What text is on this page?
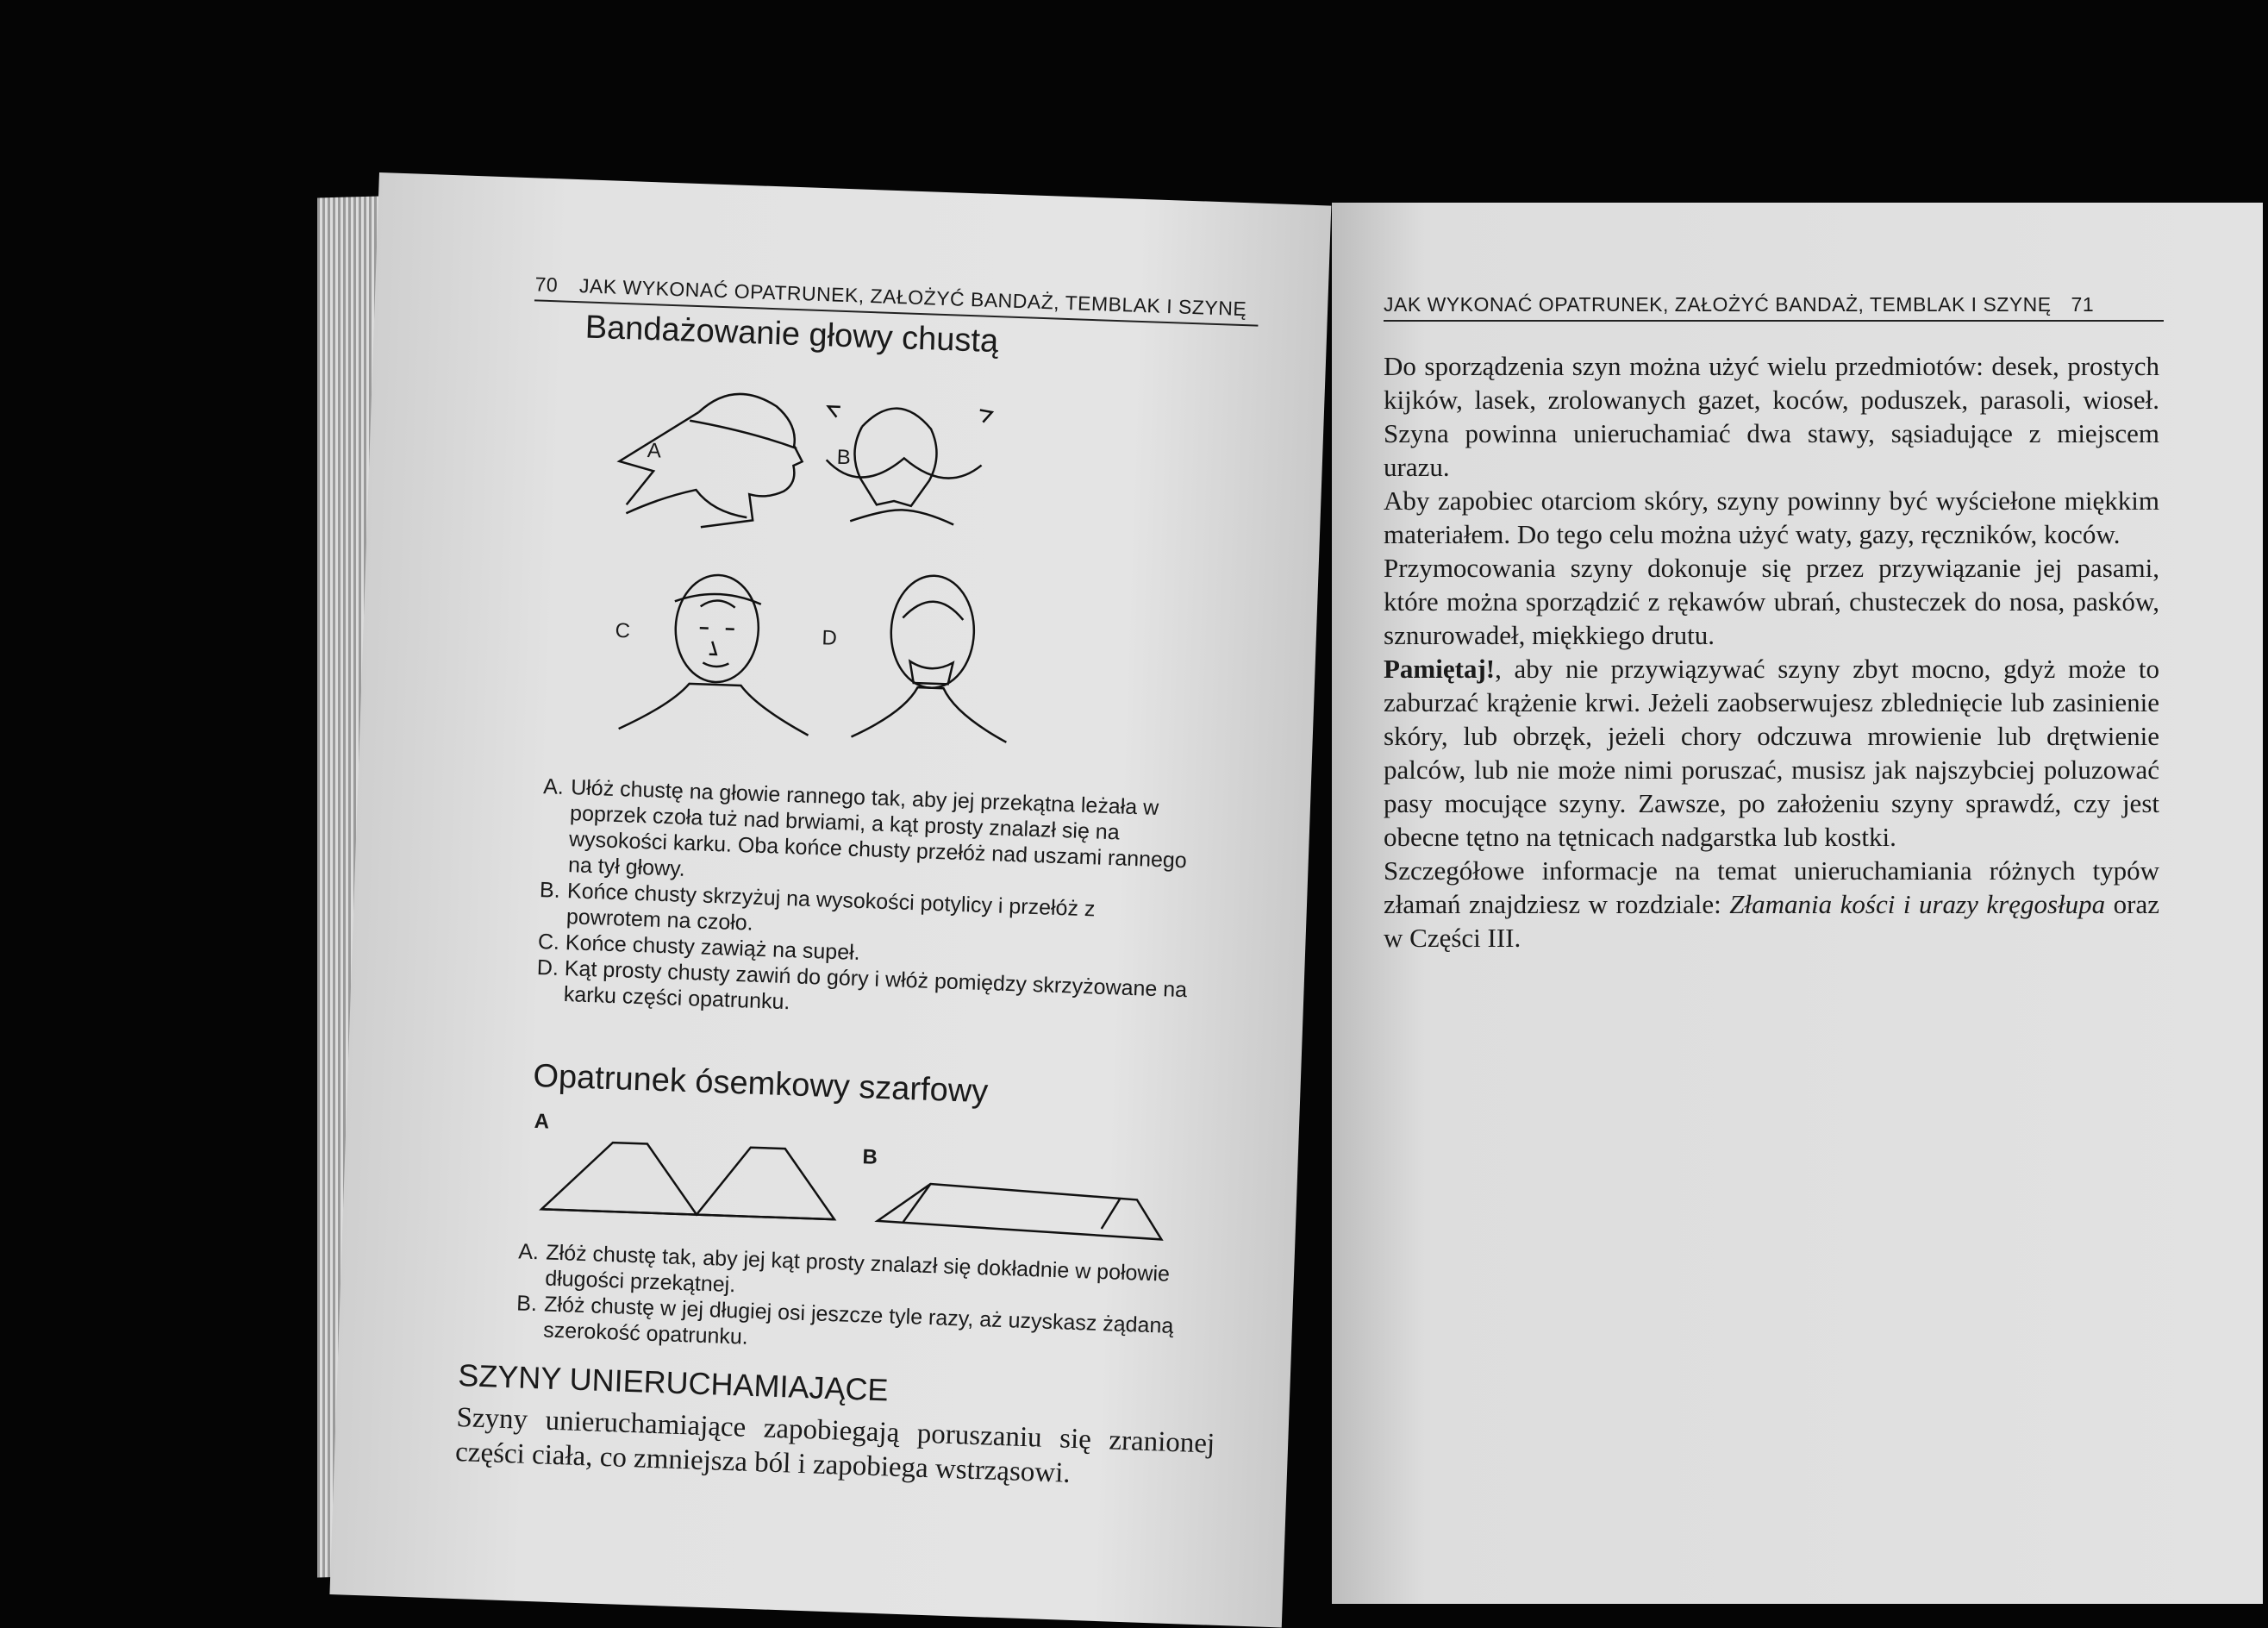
70 JAK WYKONAĆ OPATRUNEK, ZAŁOŻYĆ BANDAŻ, TEMBLAK I SZYNĘ
Bandażowanie głowy chustą
A	B
C	D
A. Ułóż chustę na głowie rannego tak, aby jej przekątna leżała w poprzek czoła tuż nad brwiami, a kąt prosty znalazł się na wysokości karku. Oba końce chusty przełóż nad uszami rannego na tył głowy.
B. Końce chusty skrzyżuj na wysokości potylicy i przełóż z powrotem na czoło.
C. Końce chusty zawiąż na supeł.
D. Kąt prosty chusty zawiń do góry i włóż pomiędzy skrzyżowane na karku części opatrunku.
Opatrunek ósemkowy szarfowy
A
B
A. Złóż chustę tak, aby jej kąt prosty znalazł się dokładnie w połowie długości przekątnej.
B. Złóż chustę w jej długiej osi jeszcze tyle razy, aż uzyskasz żądaną szerokość opatrunku.
SZYNY UNIERUCHAMIAJĄCE

Szyny unieruchamiające zapobiegają poruszaniu się zranionej części ciała, co zmniejsza ból i zapobiega wstrząsowi.

JAK WYKONAĆ OPATRUNEK, ZAŁOŻYĆ BANDAŻ, TEMBLAK I SZYNĘ 71

Do sporządzenia szyn można użyć wielu przedmiotów: desek, prostych kijków, lasek, zrolowanych gazet, koców, poduszek, parasoli, wioseł. Szyna powinna unieruchamiać dwa stawy, sąsiadujące z miejscem urazu.

Aby zapobiec otarciom skóry, szyny powinny być wyściełone miękkim materiałem. Do tego celu można użyć waty, gazy, ręczników, koców.

Przymocowania szyny dokonuje się przez przywiązanie jej pasami, które można sporządzić z rękawów ubrań, chusteczek do nosa, pasków, sznurowadeł, miękkiego drutu.

Pamiętaj!, aby nie przywiązywać szyny zbyt mocno, gdyż może to zaburzać krążenie krwi. Jeżeli zaobserwujesz zblednięcie lub zasinienie skóry, lub obrzęk, jeżeli chory odczuwa mrowienie lub drętwienie palców, lub nie może nimi poruszać, musisz jak najszybciej poluzować pasy mocujące szyny. Zawsze, po założeniu szyny sprawdź, czy jest obecne tętno na tętnicach nadgarstka lub kostki.

Szczegółowe informacje na temat unieruchamiania różnych typów złamań znajdziesz w rozdziale: Złamania kości i urazy kręgosłupa oraz w Części III.
